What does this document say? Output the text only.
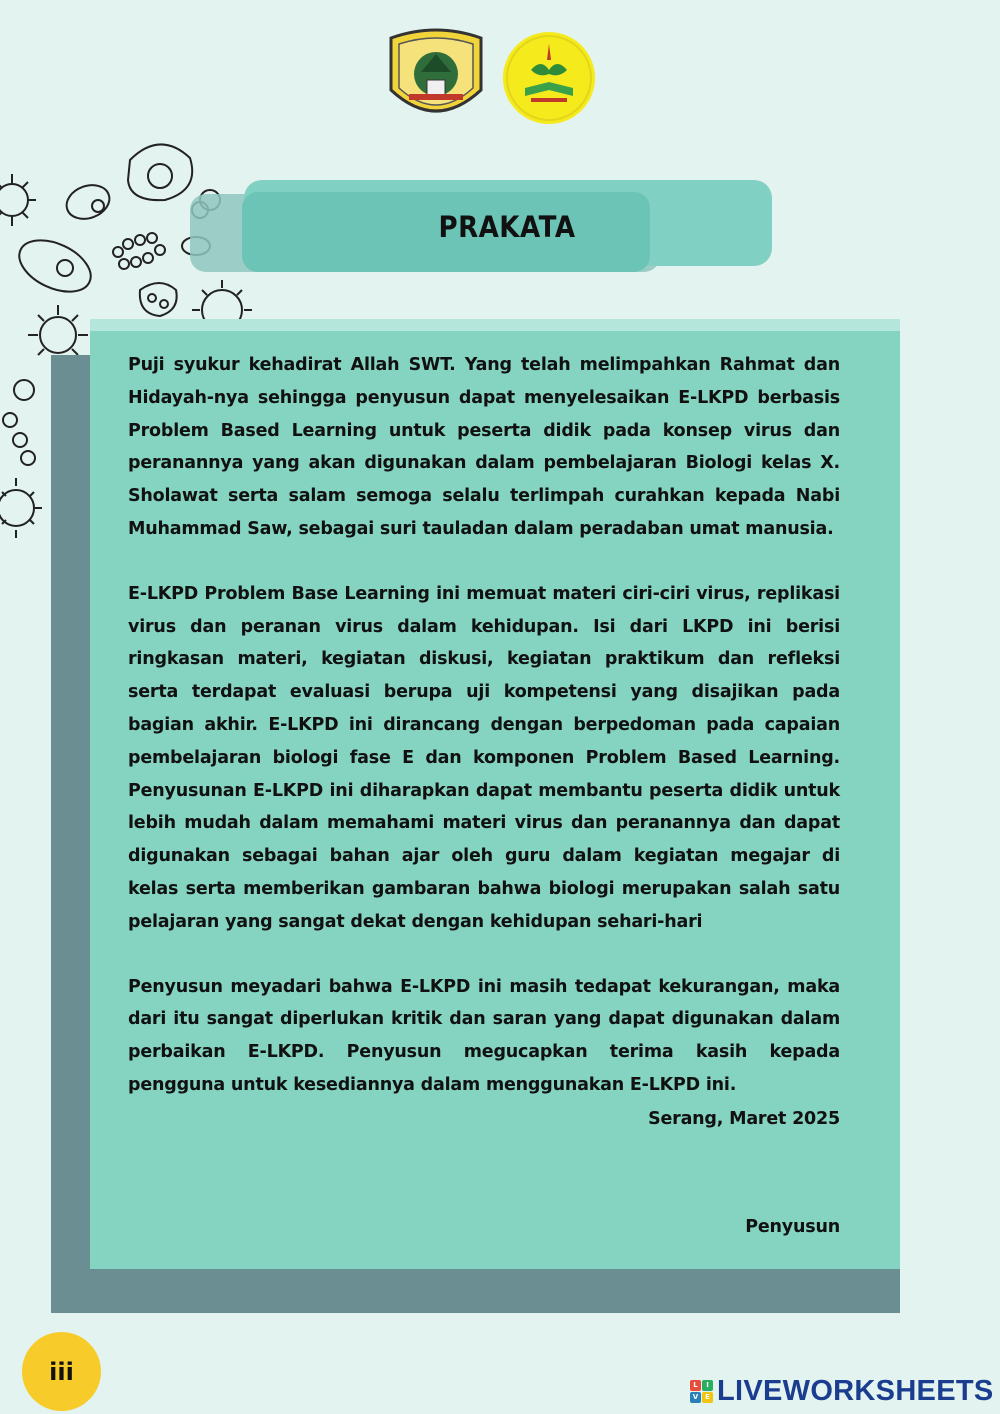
PRAKATA

Puji syukur kehadirat Allah SWT. Yang telah melimpahkan Rahmat dan Hidayah-nya sehingga penyusun dapat menyelesaikan E-LKPD berbasis Problem Based Learning untuk peserta didik pada konsep virus dan peranannya yang akan digunakan dalam pembelajaran Biologi kelas X. Sholawat serta salam semoga selalu terlimpah curahkan kepada Nabi Muhammad Saw, sebagai suri tauladan dalam peradaban umat manusia.

E-LKPD Problem Base Learning ini memuat materi ciri-ciri virus, replikasi virus dan peranan virus dalam kehidupan. Isi dari LKPD ini berisi ringkasan materi, kegiatan diskusi, kegiatan praktikum dan refleksi serta terdapat evaluasi berupa uji kompetensi yang disajikan pada bagian akhir. E-LKPD ini dirancang dengan berpedoman pada capaian pembelajaran biologi fase E dan komponen Problem Based Learning. Penyusunan E-LKPD ini diharapkan dapat membantu peserta didik untuk lebih mudah dalam memahami materi virus dan peranannya dan dapat digunakan sebagai bahan ajar oleh guru dalam kegiatan megajar di kelas serta memberikan gambaran bahwa biologi merupakan salah satu pelajaran yang sangat dekat dengan kehidupan sehari-hari

Penyusun meyadari bahwa E-LKPD ini masih tedapat kekurangan, maka dari itu sangat diperlukan kritik dan saran yang dapat digunakan dalam perbaikan E-LKPD. Penyusun megucapkan terima kasih kepada pengguna untuk kesediannya dalam menggunakan E-LKPD ini.

Serang, Maret 2025

Penyusun

iii	L	I
V E LIVEWORKSHEETS
